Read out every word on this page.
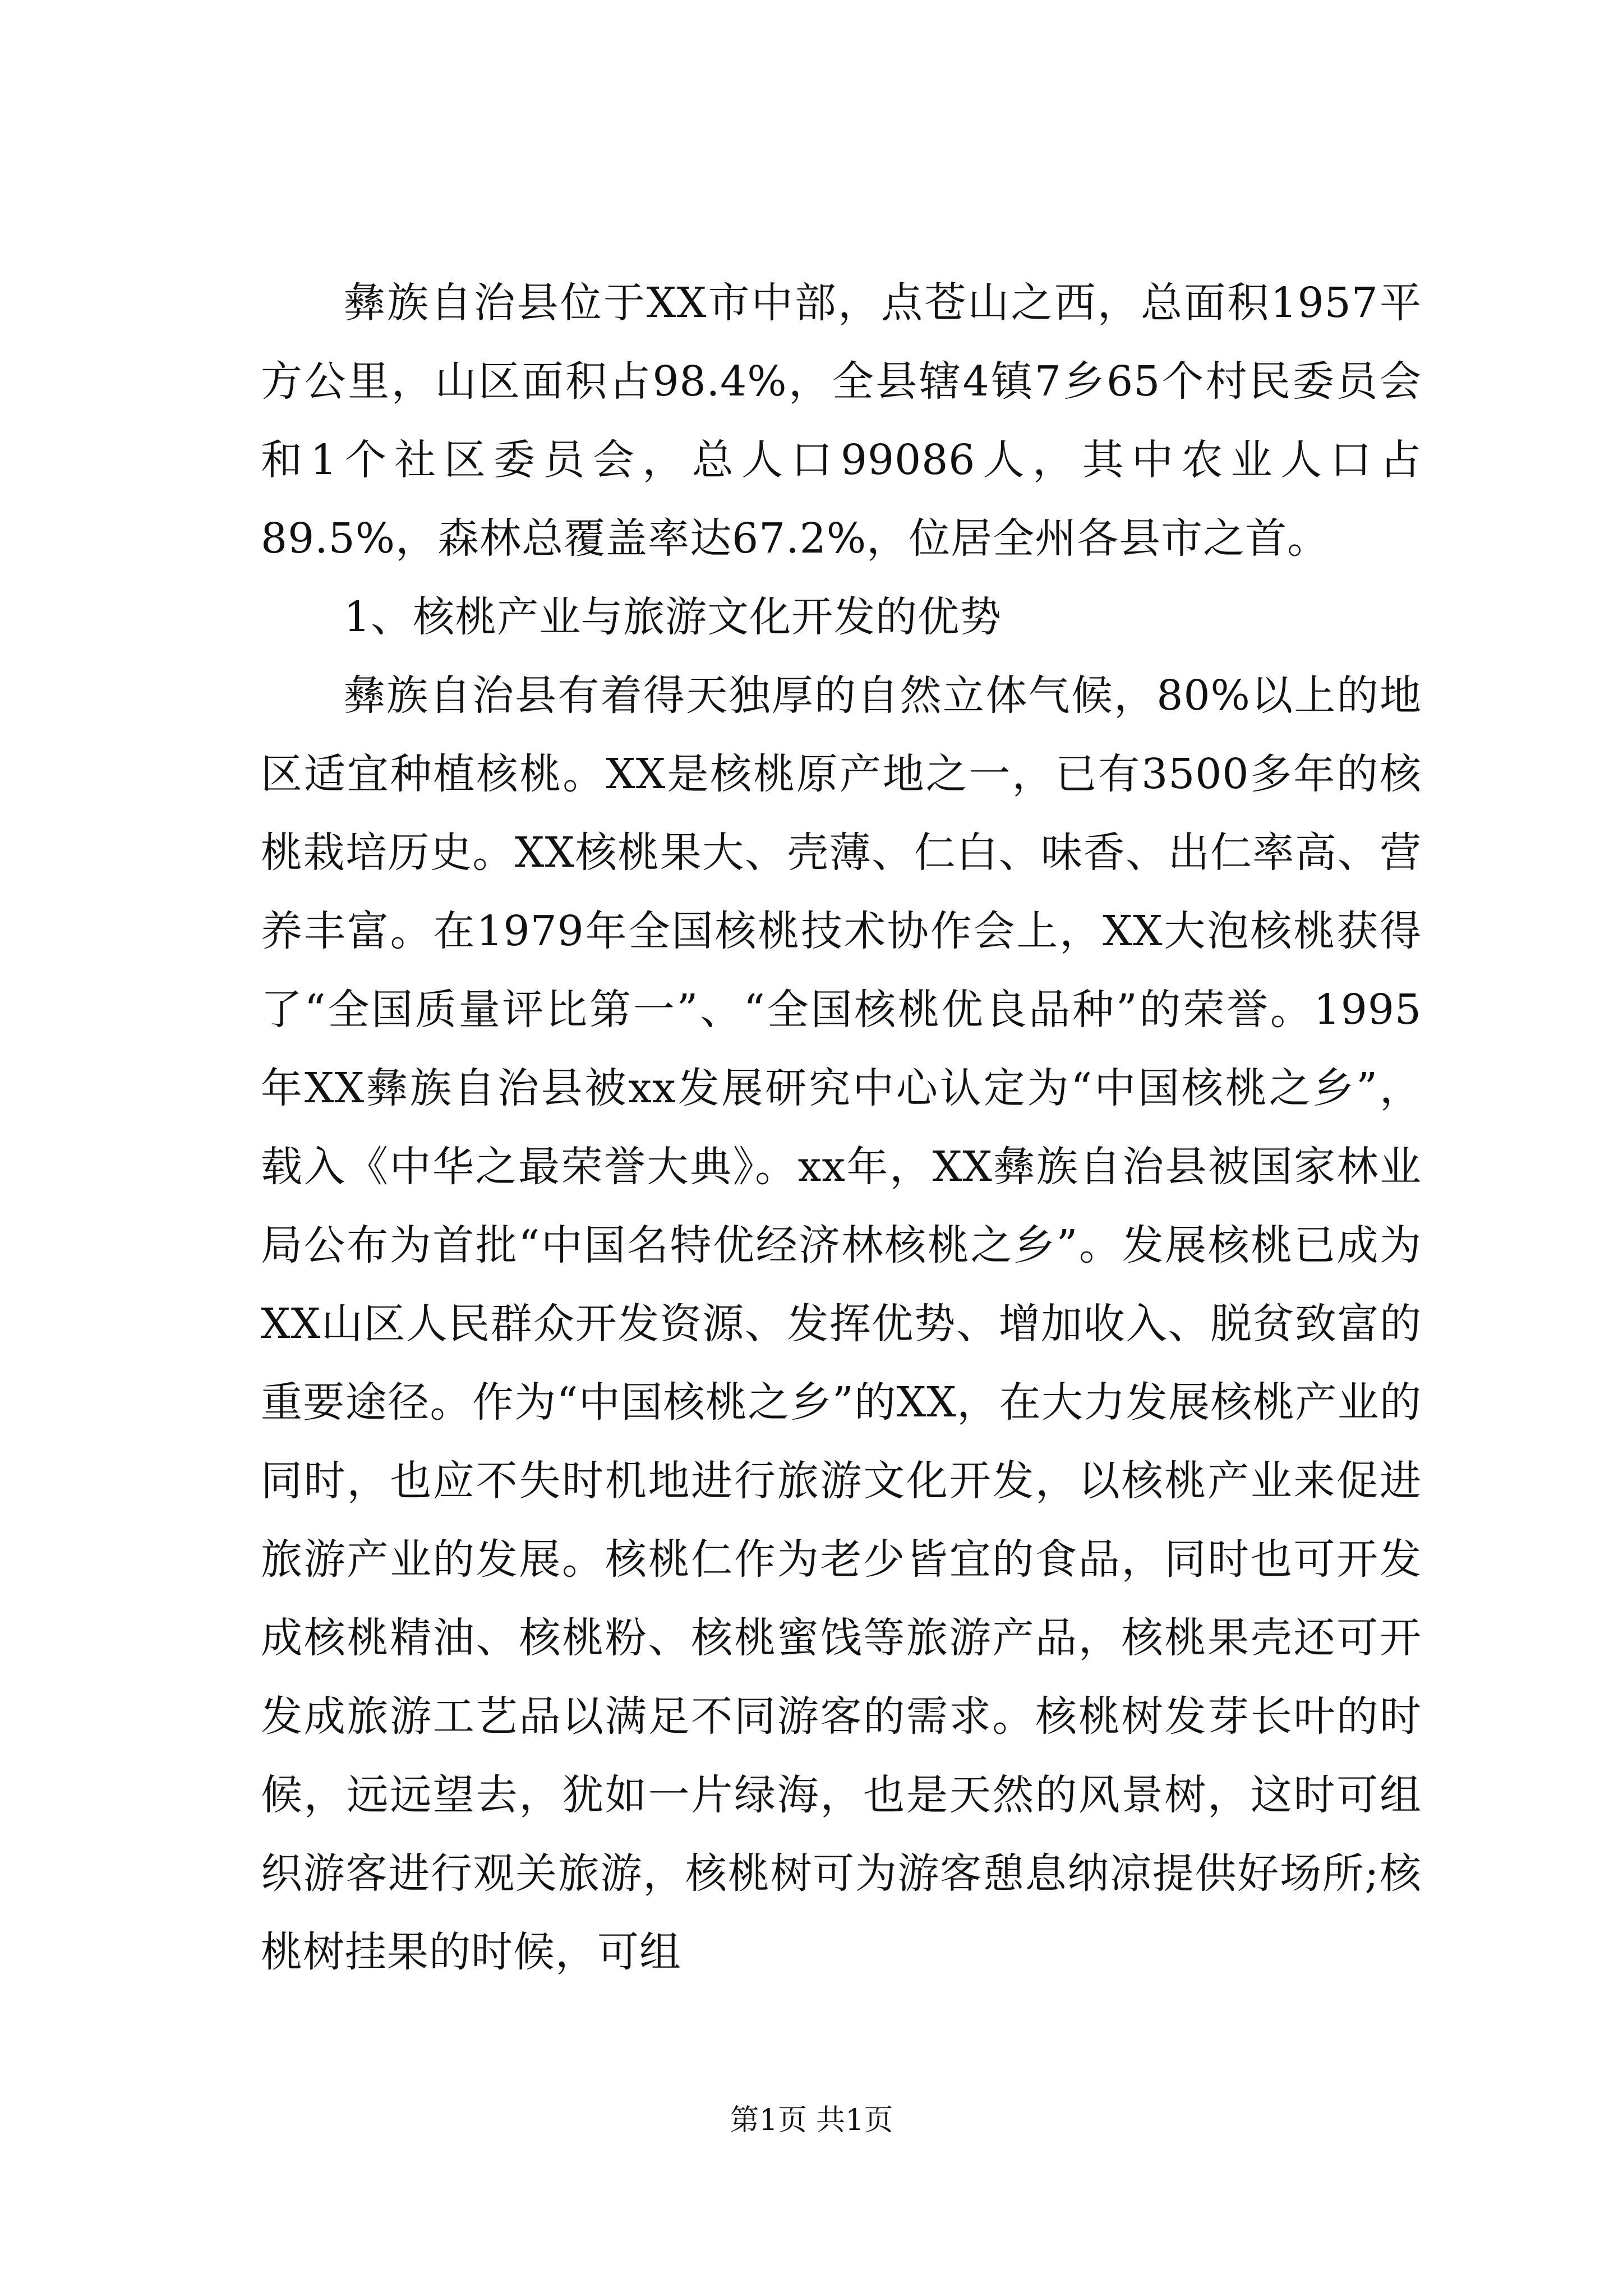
彝族自治县位于XX市中部，点苍山之西，总面积1957平方公里，山区面积占98.4%，全县辖4镇7乡65个村民委员会和1个社区委员会，总人口99086人，其中农业人口占89.5%，森林总覆盖率达67.2%，位居全州各县市之首。

1、核桃产业与旅游文化开发的优势

彝族自治县有着得天独厚的自然立体气候，80%以上的地区适宜种植核桃。XX是核桃原产地之一，已有3500多年的核桃栽培历史。XX核桃果大、壳薄、仁白、味香、出仁率高、营养丰富。在1979年全国核桃技术协作会上，XX大泡核桃获得了“全国质量评比第一”、“全国核桃优良品种”的荣誉。1995年XX彝族自治县被xx发展研究中心认定为“中国核桃之乡”，载入《中华之最荣誉大典》。xx年，XX彝族自治县被国家林业局公布为首批“中国名特优经济林核桃之乡”。发展核桃已成为XX山区人民群众开发资源、发挥优势、增加收入、脱贫致富的重要途径。作为“中国核桃之乡”的XX，在大力发展核桃产业的同时，也应不失时机地进行旅游文化开发，以核桃产业来促进旅游产业的发展。核桃仁作为老少皆宜的食品，同时也可开发成核桃精油、核桃粉、核桃蜜饯等旅游产品，核桃果壳还可开发成旅游工艺品以满足不同游客的需求。核桃树发芽长叶的时候，远远望去，犹如一片绿海，也是天然的风景树，这时可组织游客进行观关旅游，核桃树可为游客憩息纳凉提供好场所;核桃树挂果的时候，可组

第1页 共1页
